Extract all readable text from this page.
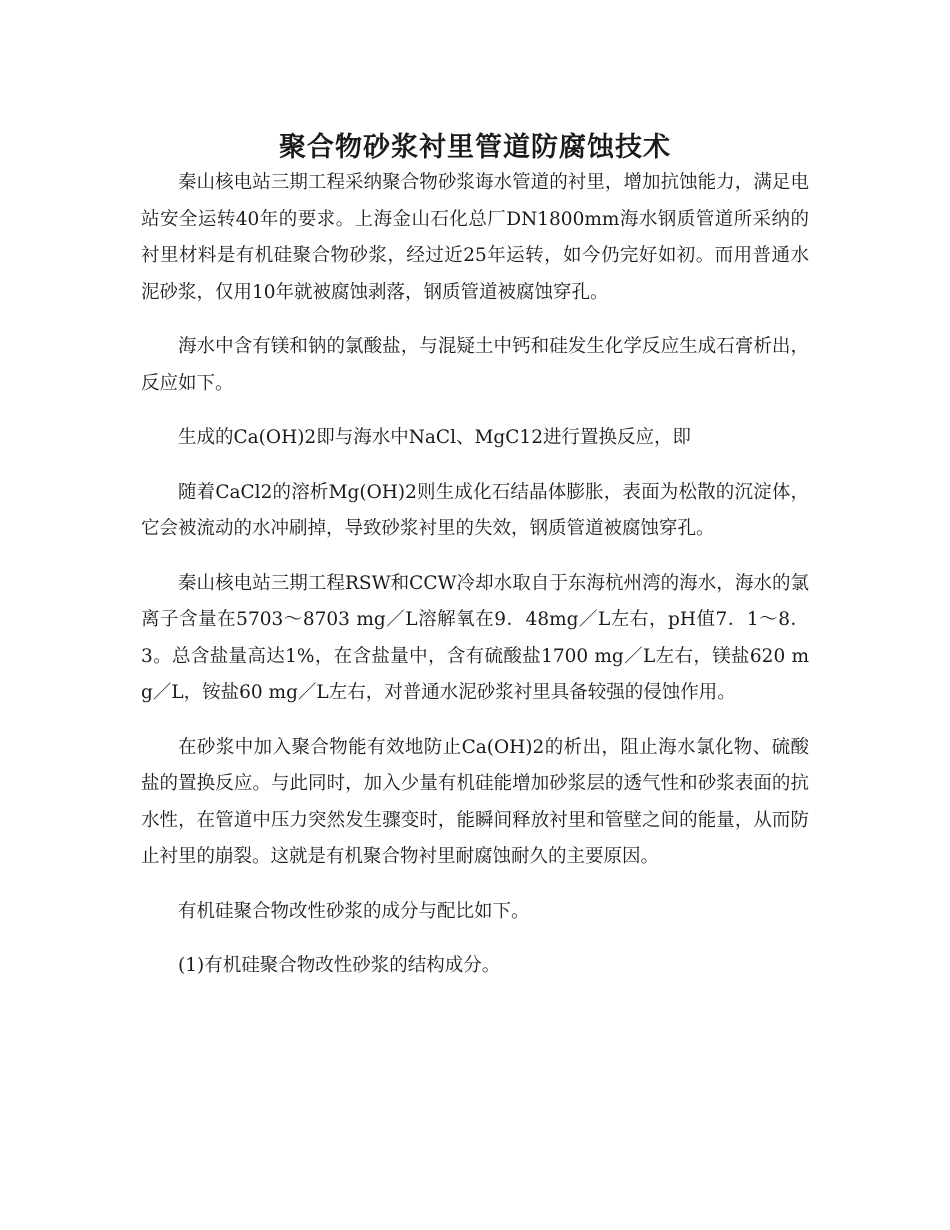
聚合物砂浆衬里管道防腐蚀技术

秦山核电站三期工程采纳聚合物砂浆诲水管道的衬里，增加抗蚀能力，满足电站安全运转40年的要求。上海金山石化总厂DN1800mm海水钢质管道所采纳的衬里材料是有机硅聚合物砂浆，经过近25年运转，如今仍完好如初。而用普通水泥砂浆，仅用10年就被腐蚀剥落，钢质管道被腐蚀穿孔。

海水中含有镁和钠的氯酸盐，与混疑土中钙和硅发生化学反应生成石膏析出，反应如下。

生成的Ca(OH)2即与海水中NaCl、MgC12进行置换反应，即

随着CaCl2的溶析Mg(OH)2则生成化石结晶体膨胀，表面为松散的沉淀体，它会被流动的水冲刷掉，导致砂浆衬里的失效，钢质管道被腐蚀穿孔。

秦山核电站三期工程RSW和CCW冷却水取自于东海杭州湾的海水，海水的氯离子含量在5703～8703 mg／L溶解氧在9．48mg／L左右，pH值7．1～8．3。总含盐量高达1%，在含盐量中，含有硫酸盐1700 mg／L左右，镁盐620 mg／L，铵盐60 mg／L左右，对普通水泥砂浆衬里具备较强的侵蚀作用。

在砂浆中加入聚合物能有效地防止Ca(OH)2的析出，阻止海水氯化物、硫酸盐的置换反应。与此同时，加入少量有机硅能增加砂浆层的透气性和砂浆表面的抗水性，在管道中压力突然发生骤变时，能瞬间释放衬里和管壁之间的能量，从而防止衬里的崩裂。这就是有机聚合物衬里耐腐蚀耐久的主要原因。

有机硅聚合物改性砂浆的成分与配比如下。

(1)有机硅聚合物改性砂浆的结构成分。
